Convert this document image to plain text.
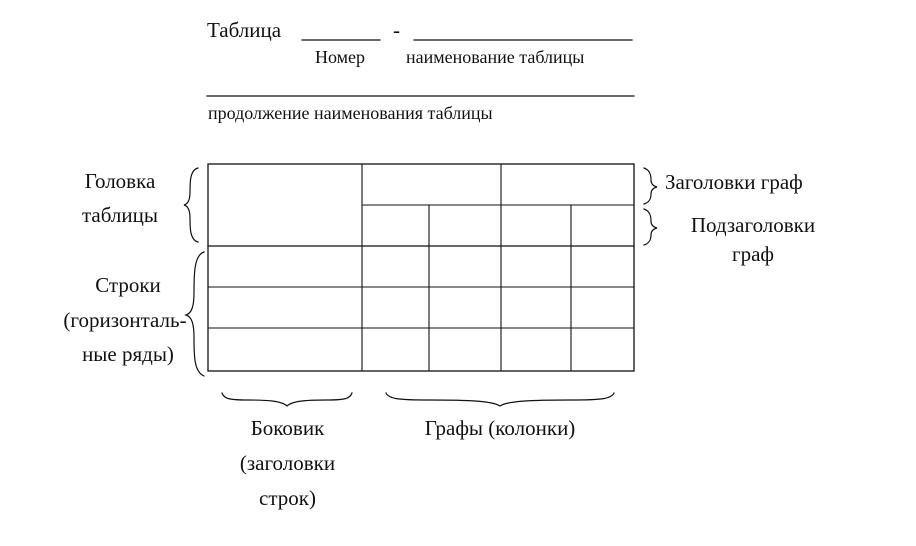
Таблица	-
Номер наименование таблицы
продолжение наименования таблицы
Головка
таблицы
Строки
(горизонталь-
ные ряды)
Заголовки граф
Подзаголовки
граф
Боковик
(заголовки
строк)
Графы (колонки)
